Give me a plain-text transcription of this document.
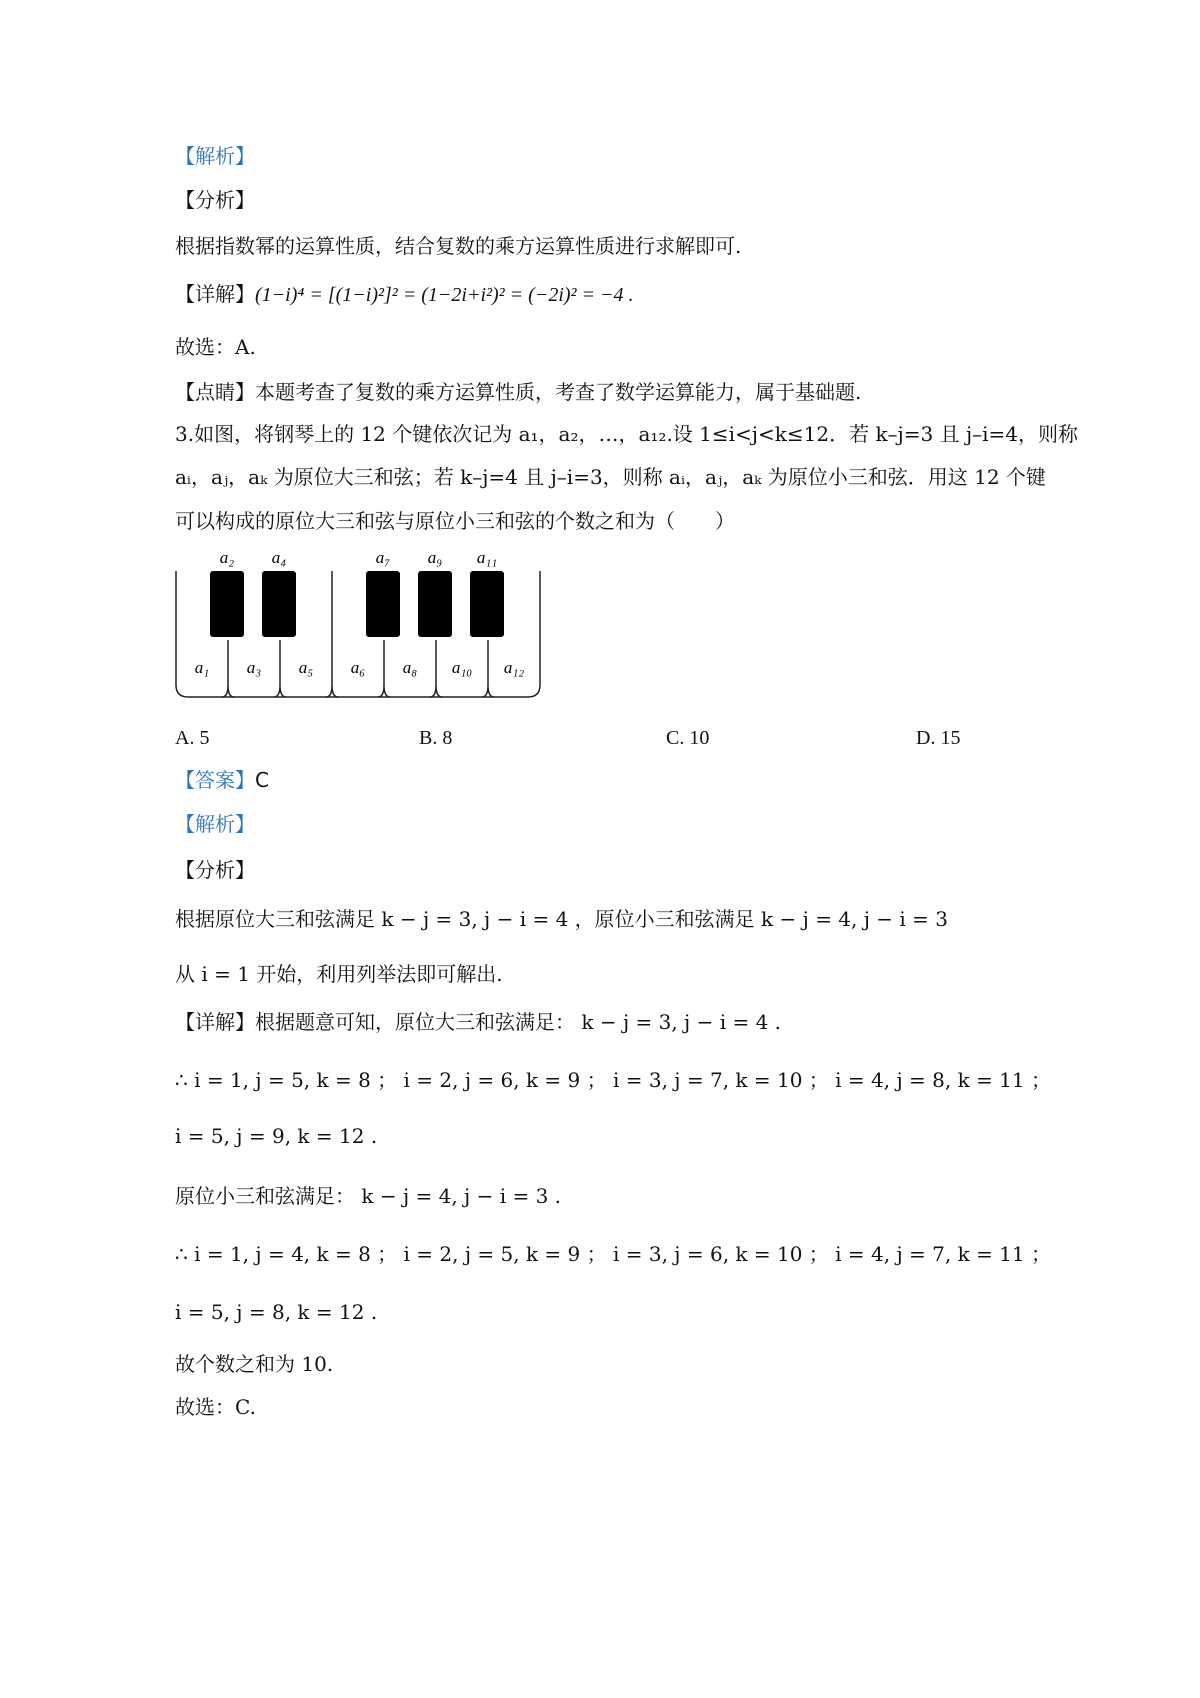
【解析】
【分析】
根据指数幂的运算性质，结合复数的乘方运算性质进行求解即可.
【详解】(1−i)⁴ = [(1−i)²]² = (1−2i+i²)² = (−2i)² = −4 .
故选：A.
【点睛】本题考查了复数的乘方运算性质，考查了数学运算能力，属于基础题.
3.如图，将钢琴上的 12 个键依次记为 a₁，a₂，…，a₁₂.设 1≤i<j<k≤12．若 k–j=3 且 j–i=4，则称
aᵢ，aⱼ，aₖ 为原位大三和弦；若 k–j=4 且 j–i=3，则称 aᵢ，aⱼ，aₖ 为原位小三和弦．用这 12 个键
可以构成的原位大三和弦与原位小三和弦的个数之和为（　　）
a₂ a₄	a₇ a₉ a₁₁
a₁ a₃ a₅ a₆ a₈ a₁₀ a₁₂
A. 5	B. 8	C. 10	D. 15
【答案】C
【解析】
【分析】
根据原位大三和弦满足 k − j = 3, j − i = 4 ，原位小三和弦满足 k − j = 4, j − i = 3
从 i = 1 开始，利用列举法即可解出.
【详解】根据题意可知，原位大三和弦满足： k − j = 3, j − i = 4 .
∴ i = 1, j = 5, k = 8 ； i = 2, j = 6, k = 9 ； i = 3, j = 7, k = 10 ； i = 4, j = 8, k = 11 ；
i = 5, j = 9, k = 12 .
原位小三和弦满足： k − j = 4, j − i = 3 .
∴ i = 1, j = 4, k = 8 ； i = 2, j = 5, k = 9 ； i = 3, j = 6, k = 10 ； i = 4, j = 7, k = 11 ；
i = 5, j = 8, k = 12 .
故个数之和为 10.
故选：C.
